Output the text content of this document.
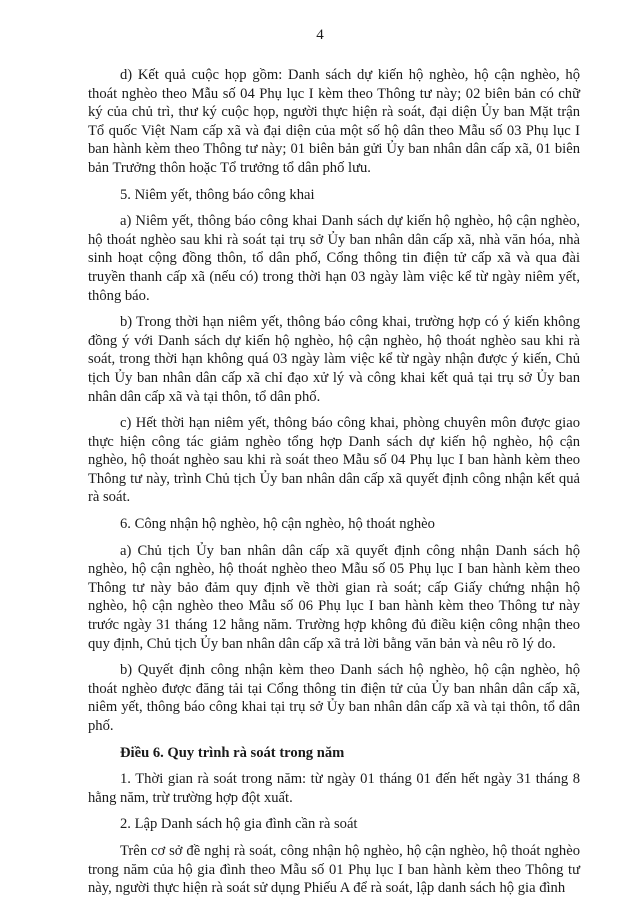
4

d) Kết quả cuộc họp gồm: Danh sách dự kiến hộ nghèo, hộ cận nghèo, hộ thoát nghèo theo Mẫu số 04 Phụ lục I kèm theo Thông tư này; 02 biên bản có chữ ký của chủ trì, thư ký cuộc họp, người thực hiện rà soát, đại diện Ủy ban Mặt trận Tổ quốc Việt Nam cấp xã và đại diện của một số hộ dân theo Mẫu số 03 Phụ lục I ban hành kèm theo Thông tư này; 01 biên bản gửi Ủy ban nhân dân cấp xã, 01 biên bản Trưởng thôn hoặc Tổ trưởng tổ dân phố lưu.

5. Niêm yết, thông báo công khai

a) Niêm yết, thông báo công khai Danh sách dự kiến hộ nghèo, hộ cận nghèo, hộ thoát nghèo sau khi rà soát tại trụ sở Ủy ban nhân dân cấp xã, nhà văn hóa, nhà sinh hoạt cộng đồng thôn, tổ dân phố, Cổng thông tin điện tử cấp xã và qua đài truyền thanh cấp xã (nếu có) trong thời hạn 03 ngày làm việc kể từ ngày niêm yết, thông báo.

b) Trong thời hạn niêm yết, thông báo công khai, trường hợp có ý kiến không đồng ý với Danh sách dự kiến hộ nghèo, hộ cận nghèo, hộ thoát nghèo sau khi rà soát, trong thời hạn không quá 03 ngày làm việc kể từ ngày nhận được ý kiến, Chủ tịch Ủy ban nhân dân cấp xã chỉ đạo xử lý và công khai kết quả tại trụ sở Ủy ban nhân dân cấp xã và tại thôn, tổ dân phố.

c) Hết thời hạn niêm yết, thông báo công khai, phòng chuyên môn được giao thực hiện công tác giảm nghèo tổng hợp Danh sách dự kiến hộ nghèo, hộ cận nghèo, hộ thoát nghèo sau khi rà soát theo Mẫu số 04 Phụ lục I ban hành kèm theo Thông tư này, trình Chủ tịch Ủy ban nhân dân cấp xã quyết định công nhận kết quả rà soát.

6. Công nhận hộ nghèo, hộ cận nghèo, hộ thoát nghèo

a) Chủ tịch Ủy ban nhân dân cấp xã quyết định công nhận Danh sách hộ nghèo, hộ cận nghèo, hộ thoát nghèo theo Mẫu số 05 Phụ lục I ban hành kèm theo Thông tư này bảo đảm quy định về thời gian rà soát; cấp Giấy chứng nhận hộ nghèo, hộ cận nghèo theo Mẫu số 06 Phụ lục I ban hành kèm theo Thông tư này trước ngày 31 tháng 12 hằng năm. Trường hợp không đủ điều kiện công nhận theo quy định, Chủ tịch Ủy ban nhân dân cấp xã trả lời bằng văn bản và nêu rõ lý do.

b) Quyết định công nhận kèm theo Danh sách hộ nghèo, hộ cận nghèo, hộ thoát nghèo được đăng tải tại Cổng thông tin điện tử của Ủy ban nhân dân cấp xã, niêm yết, thông báo công khai tại trụ sở Ủy ban nhân dân cấp xã và tại thôn, tổ dân phố.

Điều 6. Quy trình rà soát trong năm

1. Thời gian rà soát trong năm: từ ngày 01 tháng 01 đến hết ngày 31 tháng 8 hằng năm, trừ trường hợp đột xuất.

2. Lập Danh sách hộ gia đình cần rà soát

Trên cơ sở đề nghị rà soát, công nhận hộ nghèo, hộ cận nghèo, hộ thoát nghèo trong năm của hộ gia đình theo Mẫu số 01 Phụ lục I ban hành kèm theo Thông tư này, người thực hiện rà soát sử dụng Phiếu A để rà soát, lập danh sách hộ gia đình
